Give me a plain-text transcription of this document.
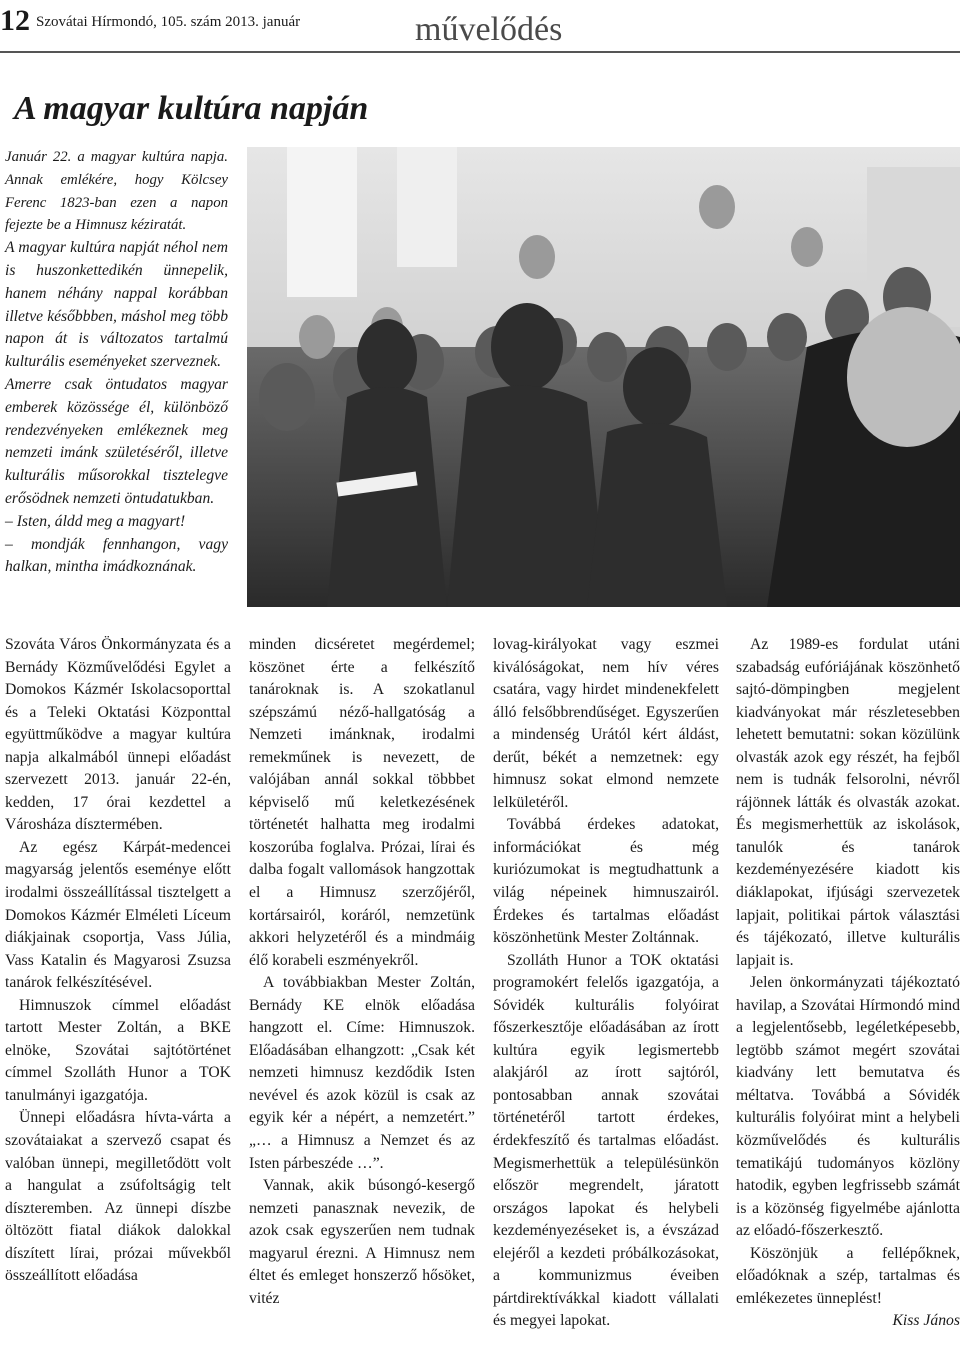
12 Szovátai Hírmondó, 105. szám 2013. január	művelődés
A magyar kultúra napján

Január 22. a magyar kultúra napja. Annak emlékére, hogy Kölcsey Ferenc 1823-ban ezen a napon fejezte be a Himnusz kéziratát.

A magyar kultúra napját néhol nem is huszonkettedikén ünnepelik, hanem néhány nappal korábban illetve későbbben, máshol meg több napon át is változatos tartalmú kulturális eseményeket szerveznek.

Amerre csak öntudatos magyar emberek közössége él, különböző rendezvényeken emlékeznek meg nemzeti imánk születéséről, illetve kulturális műsorokkal tisztelegve erősödnek nemzeti öntudatukban.

– Isten, áldd meg a magyart!

– mondják fennhangon, vagy halkan, mintha imádkoznának.

Szováta Város Önkormányzata és a Bernády Közművelődési Egylet a Domokos Kázmér Iskolacsoporttal és a Teleki Oktatási Központtal együttműködve a magyar kultúra napja alkalmából ünnepi előadást szervezett 2013. január 22-én, kedden, 17 órai kezdettel a Városháza dísztermében.

Az egész Kárpát-medencei magyarság jelentős eseménye előtt irodalmi összeállítással tisztelgett a Domokos Kázmér Elméleti Líceum diákjainak csoportja, Vass Júlia, Vass Katalin és Magyarosi Zsuzsa tanárok felkészítésével.

Himnuszok címmel előadást tartott Mester Zoltán, a BKE elnöke, Szovátai sajtótörténet címmel Szolláth Hunor a TOK tanulmányi igazgatója.

Ünnepi előadásra hívta-várta a szovátaiakat a szervező csapat és valóban ünnepi, megilletődött volt a hangulat a zsúfoltságig telt díszteremben. Az ünnepi díszbe öltözött fiatal diákok dalokkal díszített lírai, prózai művekből összeállított előadása

minden dicséretet megérdemel; köszönet érte a felkészítő tanároknak is. A szokatlanul szépszámú néző-hallgatóság a Nemzeti imánknak, irodalmi remekműnek is nevezett, de valójában annál sokkal többbet képviselő mű keletkezésének történetét halhatta meg irodalmi koszorúba foglalva. Prózai, lírai és dalba fogalt vallomások hangzottak el a Himnusz szerzőjéről, kortársairól, koráról, nemzetünk akkori helyzetéről és a mindmáig élő korabeli eszményekről.

A továbbiakban Mester Zoltán, Bernády KE elnök előadása hangzott el. Címe: Himnuszok. Előadásában elhangzott: „Csak két nemzeti himnusz kezdődik Isten nevével és azok közül is csak az egyik kér a népért, a nemzetért.” „… a Himnusz a Nemzet és az Isten párbeszéde …”.

Vannak, akik búsongó-kesergő nemzeti panasznak nevezik, de azok csak egyszerűen nem tudnak magyarul érezni. A Himnusz nem éltet és emleget honszerző hősöket, vitéz

lovag-királyokat vagy eszmei kiválóságokat, nem hív véres csatára, vagy hirdet mindenekfelett álló felsőbbrendűséget. Egyszerűen a mindenség Urától kért áldást, derűt, békét a nemzetnek: egy himnusz sokat elmond nemzete lelkületéről.

Továbbá érdekes adatokat, információkat és még kuriózumokat is megtudhattunk a világ népeinek himnuszairól. Érdekes és tartalmas előadást köszönhetünk Mester Zoltánnak.

Szolláth Hunor a TOK oktatási programokért felelős igazgatója, a Sóvidék kulturális folyóirat főszerkesztője előadásában az írott kultúra egyik legismertebb alakjáról az írott sajtóról, pontosabban annak szovátai történetéről tartott érdekes, érdekfeszítő és tartalmas előadást. Megismerhettük a településünkön először megrendelt, járatott országos lapokat és helybeli kezdeményezéseket is, a évszázad elejéről a kezdeti próbálkozásokat, a kommunizmus éveiben pártdirektívákkal kiadott vállalati és megyei lapokat.

Az 1989-es fordulat utáni szabadság eufóriájának köszönhető sajtó-dömpingben megjelent kiadványokat már részletesebben lehetett bemutatni: sokan közülünk olvasták azok egy részét, ha fejből nem is tudnák felsorolni, névről rájönnek látták és olvasták azokat. És megismerhettük az iskolások, tanulók és tanárok kezdeményezésére kiadott kis diáklapokat, ifjúsági szervezetek lapjait, politikai pártok választási és tájékozató, illetve kulturális lapjait is.

Jelen önkormányzati tájékoztató havilap, a Szovátai Hírmondó mind a legjelentősebb, legéletképesebb, legtöbb számot megért szovátai kiadvány lett bemutatva és méltatva. Továbbá a Sóvidék kulturális folyóirat mint a helybeli közművelődés és kulturális tematikájú tudományos közlöny hatodik, egyben legfrissebb számát is a közönség figyelmébe ajánlotta az előadó-főszerkesztő.

Köszönjük a fellépőknek, előadóknak a szép, tartalmas és emlékezetes ünneplést!

Kiss János
